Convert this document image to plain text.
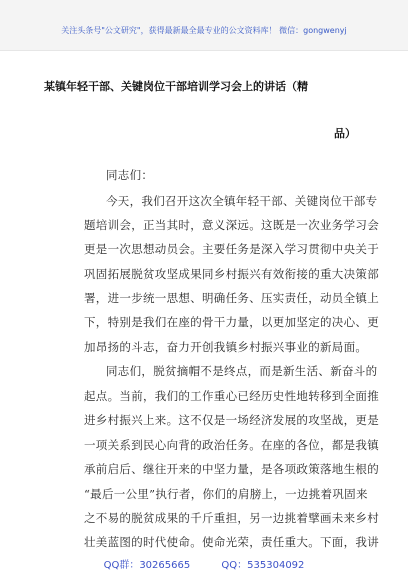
关注头条号"公文研究"，获得最新最全最专业的公文资料库！ 微信：gongwenyj
某镇年轻干部、关键岗位干部培训学习会上的讲话（精
品）
同志们：
今天，我们召开这次全镇年轻干部、关键岗位干部专
题培训会，正当其时，意义深远。这既是一次业务学习会
更是一次思想动员会。主要任务是深入学习贯彻中央关于
巩固拓展脱贫攻坚成果同乡村振兴有效衔接的重大决策部
署，进一步统一思想、明确任务、压实责任，动员全镇上
下，特别是我们在座的骨干力量，以更加坚定的决心、更
加昂扬的斗志，奋力开创我镇乡村振兴事业的新局面。
同志们，脱贫摘帽不是终点，而是新生活、新奋斗的
起点。当前，我们的工作重心已经历史性地转移到全面推
进乡村振兴上来。这不仅是一场经济发展的攻坚战，更是
一项关系到民心向背的政治任务。在座的各位，都是我镇
承前启后、继往开来的中坚力量，是各项政策落地生根的
“最后一公里”执行者，你们的肩膀上，一边挑着巩固来
之不易的脱贫成果的千斤重担，另一边挑着擘画未来乡村
壮美蓝图的时代使命。使命光荣，责任重大。下面，我讲
QQ群：30265665	QQ：535304092
